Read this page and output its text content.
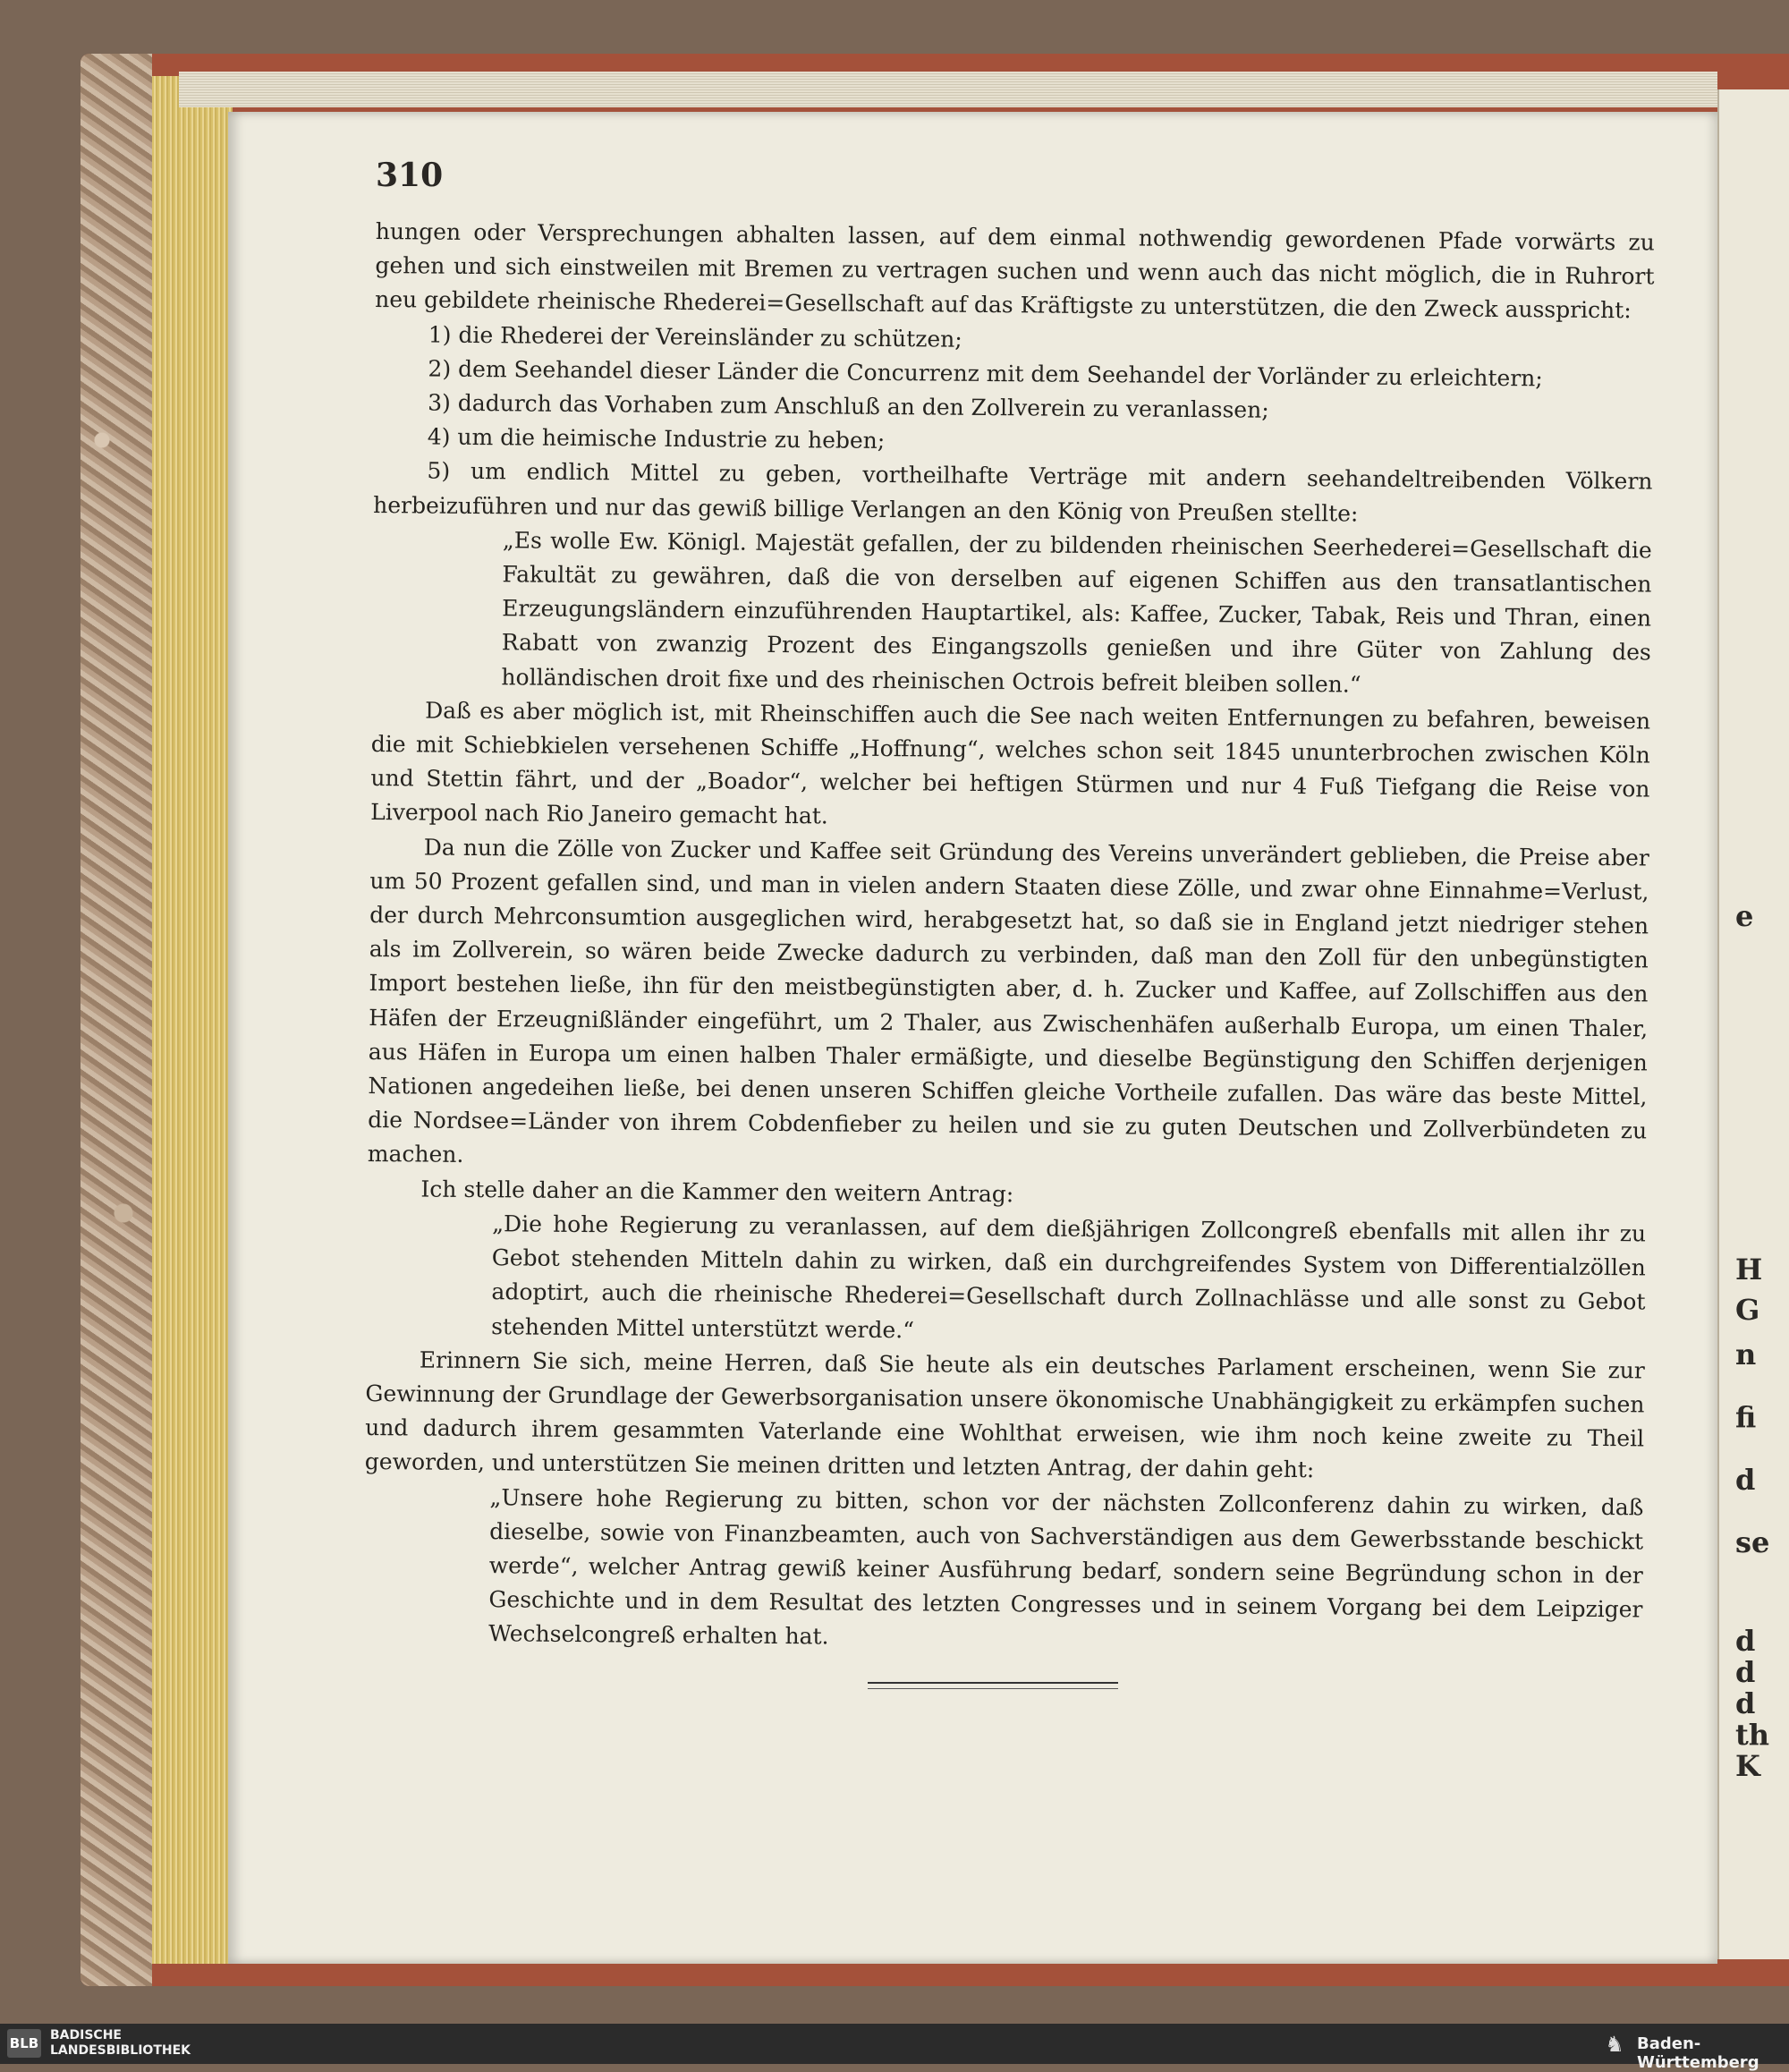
e
H
G
n
fi
d
se
d
d
d
th
K
310

hungen oder Versprechungen abhalten lassen, auf dem einmal nothwendig gewordenen Pfade vorwärts zu gehen und sich einstweilen mit Bremen zu vertragen suchen und wenn auch das nicht möglich, die in Ruhrort neu gebildete rheinische Rhederei=Gesellschaft auf das Kräftigste zu unterstützen, die den Zweck ausspricht:

1) die Rhederei der Vereinsländer zu schützen;

2) dem Seehandel dieser Länder die Concurrenz mit dem Seehandel der Vorländer zu erleichtern;

3) dadurch das Vorhaben zum Anschluß an den Zollverein zu veranlassen;

4) um die heimische Industrie zu heben;

5) um endlich Mittel zu geben, vortheilhafte Verträge mit andern seehandeltreibenden Völkern herbeizuführen und nur das gewiß billige Verlangen an den König von Preußen stellte:

„Es wolle Ew. Königl. Majestät gefallen, der zu bildenden rheinischen Seerhederei=Gesellschaft die Fakultät zu gewähren, daß die von derselben auf eigenen Schiffen aus den transatlantischen Erzeugungsländern einzuführenden Hauptartikel, als: Kaffee, Zucker, Tabak, Reis und Thran, einen Rabatt von zwanzig Prozent des Eingangszolls genießen und ihre Güter von Zahlung des holländischen droit fixe und des rheinischen Octrois befreit bleiben sollen.“

Daß es aber möglich ist, mit Rheinschiffen auch die See nach weiten Entfernungen zu befahren, beweisen die mit Schiebkielen versehenen Schiffe „Hoffnung“, welches schon seit 1845 ununterbrochen zwischen Köln und Stettin fährt, und der „Boador“, welcher bei heftigen Stürmen und nur 4 Fuß Tiefgang die Reise von Liverpool nach Rio Janeiro gemacht hat.

Da nun die Zölle von Zucker und Kaffee seit Gründung des Vereins unverändert geblieben, die Preise aber um 50 Prozent gefallen sind, und man in vielen andern Staaten diese Zölle, und zwar ohne Einnahme=Verlust, der durch Mehrconsumtion ausgeglichen wird, herabgesetzt hat, so daß sie in England jetzt niedriger stehen als im Zollverein, so wären beide Zwecke dadurch zu verbinden, daß man den Zoll für den unbegünstigten Import bestehen ließe, ihn für den meistbegünstigten aber, d. h. Zucker und Kaffee, auf Zollschiffen aus den Häfen der Erzeugnißländer eingeführt, um 2 Thaler, aus Zwischenhäfen außerhalb Europa, um einen Thaler, aus Häfen in Europa um einen halben Thaler ermäßigte, und dieselbe Begünstigung den Schiffen derjenigen Nationen angedeihen ließe, bei denen unseren Schiffen gleiche Vortheile zufallen. Das wäre das beste Mittel, die Nordsee=Länder von ihrem Cobdenfieber zu heilen und sie zu guten Deutschen und Zollverbündeten zu machen.

Ich stelle daher an die Kammer den weitern Antrag:

„Die hohe Regierung zu veranlassen, auf dem dießjährigen Zollcongreß ebenfalls mit allen ihr zu Gebot stehenden Mitteln dahin zu wirken, daß ein durchgreifendes System von Differentialzöllen adoptirt, auch die rheinische Rhederei=Gesellschaft durch Zollnachlässe und alle sonst zu Gebot stehenden Mittel unterstützt werde.“

Erinnern Sie sich, meine Herren, daß Sie heute als ein deutsches Parlament erscheinen, wenn Sie zur Gewinnung der Grundlage der Gewerbsorganisation unsere ökonomische Unabhängigkeit zu erkämpfen suchen und dadurch ihrem gesammten Vaterlande eine Wohlthat erweisen, wie ihm noch keine zweite zu Theil geworden, und unterstützen Sie meinen dritten und letzten Antrag, der dahin geht:

„Unsere hohe Regierung zu bitten, schon vor der nächsten Zollconferenz dahin zu wirken, daß dieselbe, sowie von Finanzbeamten, auch von Sachverständigen aus dem Gewerbsstande beschickt werde“, welcher Antrag gewiß keiner Ausführung bedarf, sondern seine Begründung schon in der Geschichte und in dem Resultat des letzten Congresses und in seinem Vorgang bei dem Leipziger Wechselcongreß erhalten hat.

BLB BADISCHE
LANDESBIBLIOTHEK	♞ Baden-Württemberg
